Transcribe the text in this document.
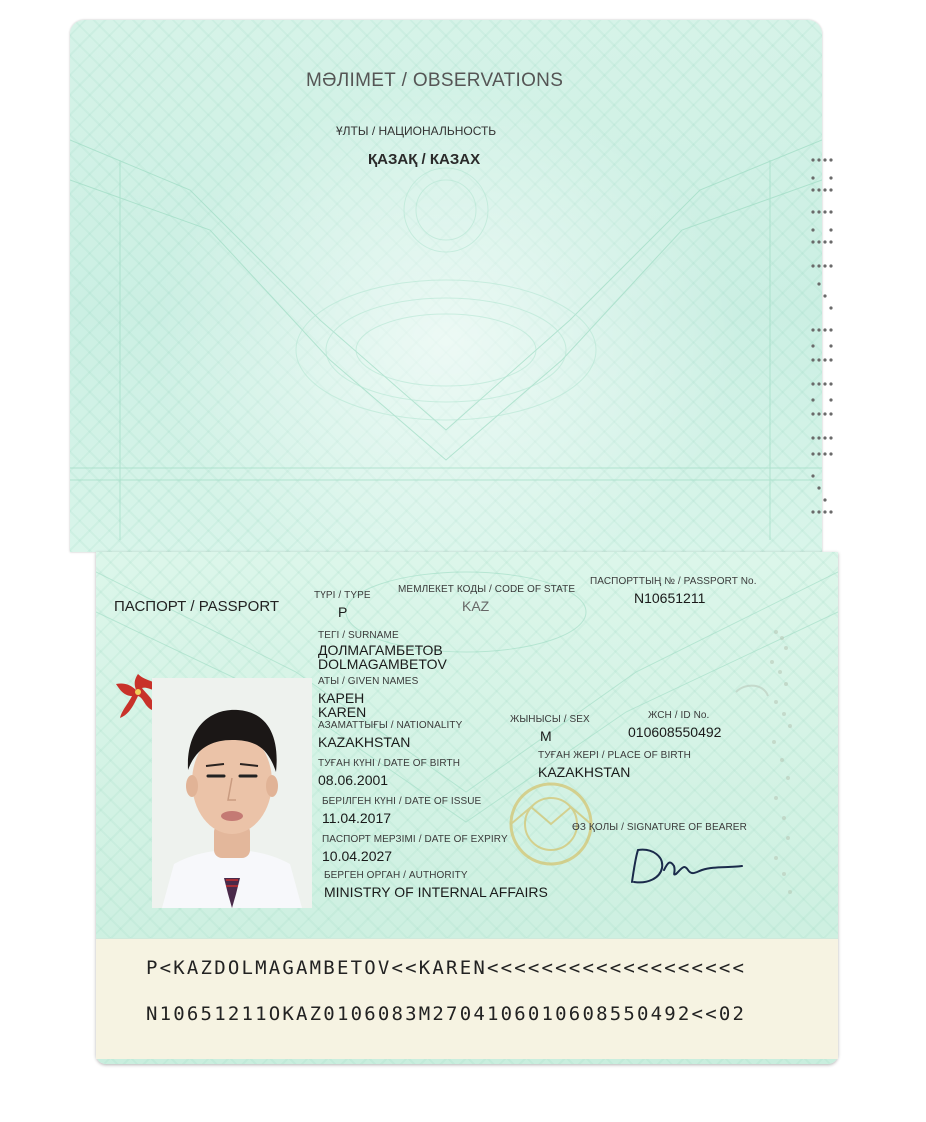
МӘЛІМЕТ / OBSERVATIONS
ҰЛТЫ / НАЦИОНАЛЬНОСТЬ
ҚАЗАҚ / КАЗАХ
ПАСПОРТ / PASSPORT
ТҮРІ / TYPE
P
МЕМЛЕКЕТ КОДЫ / CODE OF STATE
KAZ
ПАСПОРТТЫҢ № / PASSPORT No.
N10651211
ТЕГІ / SURNAME
ДОЛМАГАМБЕТОВ
DOLMAGAMBETOV
АТЫ / GIVEN NAMES
КАРЕН
KAREN
АЗАМАТТЫҒЫ / NATIONALITY
KAZAKHSTAN
ЖЫНЫСЫ / SEX
M
ЖСН / ID No.
010608550492
ТУҒАН КҮНІ / DATE OF BIRTH
08.06.2001
ТУҒАН ЖЕРІ / PLACE OF BIRTH
KAZAKHSTAN
БЕРІЛГЕН КҮНІ / DATE OF ISSUE
11.04.2017
ПАСПОРТ МЕРЗІМІ / DATE OF EXPIRY
10.04.2027
ӨЗ ҚОЛЫ / SIGNATURE OF BEARER
БЕРГЕН ОРГАН / AUTHORITY
MINISTRY OF INTERNAL AFFAIRS
P<KAZDOLMAGAMBETOV<<KAREN<<<<<<<<<<<<<<<<<<<
N10651211OKAZ0106083M2704106010608550492<<02
